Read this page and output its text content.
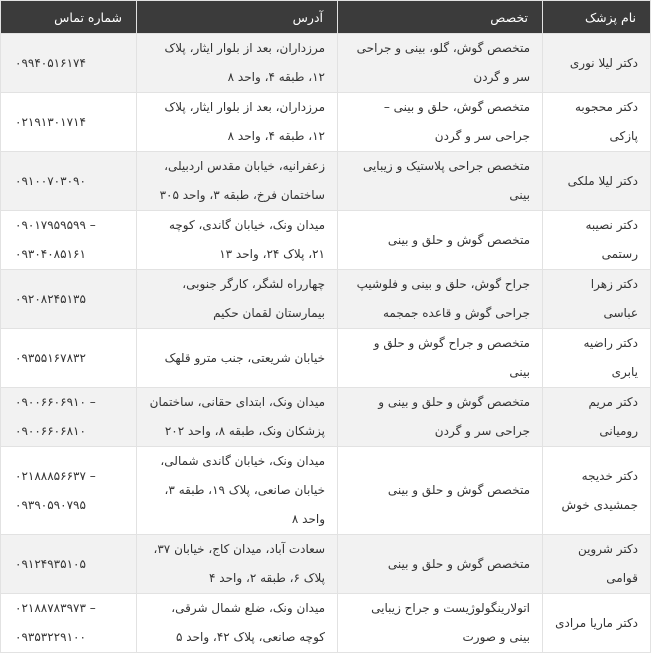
نام پزشک	تخصص	آدرس	شماره تماس
دکتر لیلا نوری	متخصص گوش، گلو، بینی و جراحی سر و گردن	مرزداران، بعد از بلوار ایثار، پلاک ۱۲، طبقه ۴، واحد ۸	۰۹۹۴۰۵۱۶۱۷۴
دکتر محجوبه پازکی	متخصص گوش، حلق و بینی – جراحی سر و گردن	مرزداران، بعد از بلوار ایثار، پلاک ۱۲، طبقه ۴، واحد ۸	۰۲۱۹۱۳۰۱۷۱۴
دکتر لیلا ملکی	متخصص جراحی پلاستیک و زیبایی بینی	زعفرانیه، خیابان مقدس اردبیلی، ساختمان فرخ، طبقه ۳، واحد ۳۰۵	۰۹۱۰۰۷۰۳۰۹۰
دکتر نصیبه رستمی	متخصص گوش و حلق و بینی	میدان ونک، خیابان گاندی، کوچه ۲۱، پلاک ۲۴، واحد ۱۳	۰۹۰۱۷۹۵۹۵۹۹ – ۰۹۳۰۴۰۸۵۱۶۱
دکتر زهرا عباسی	جراح گوش، حلق و بینی و فلوشیپ جراحی گوش و قاعده جمجمه	چهارراه لشگر، کارگر جنوبی، بیمارستان لقمان حکیم	۰۹۲۰۸۲۴۵۱۳۵
دکتر راضیه یابری	متخصص و جراح گوش و حلق و بینی	خیابان شریعتی، جنب مترو قلهک	۰۹۳۵۵۱۶۷۸۳۲
دکتر مریم رومیانی	متخصص گوش و حلق و بینی و جراحی سر و گردن	میدان ونک، ابتدای حقانی، ساختمان پزشکان ونک، طبقه ۸، واحد ۲۰۲	۰۹۰۰۶۶۰۶۹۱۰ – ۰۹۰۰۶۶۰۶۸۱۰
دکتر خدیجه جمشیدی خوش	متخصص گوش و حلق و بینی	میدان ونک، خیابان گاندی شمالی، خیابان صانعی، پلاک ۱۹، طبقه ۳، واحد ۸	۰۲۱۸۸۸۵۶۶۳۷ – ۰۹۳۹۰۵۹۰۷۹۵
دکتر شروین قوامی	متخصص گوش و حلق و بینی	سعادت آباد، میدان کاج، خیابان ۳۷، پلاک ۶، طبقه ۲، واحد ۴	۰۹۱۲۴۹۳۵۱۰۵
دکتر ماریا مرادی	اتولارینگولوژیست و جراح زیبایی بینی و صورت	میدان ونک، ضلع شمال شرقی، کوچه صانعی، پلاک ۴۲، واحد ۵	۰۲۱۸۸۷۸۳۹۷۳ – ۰۹۳۵۳۲۲۹۱۰۰
